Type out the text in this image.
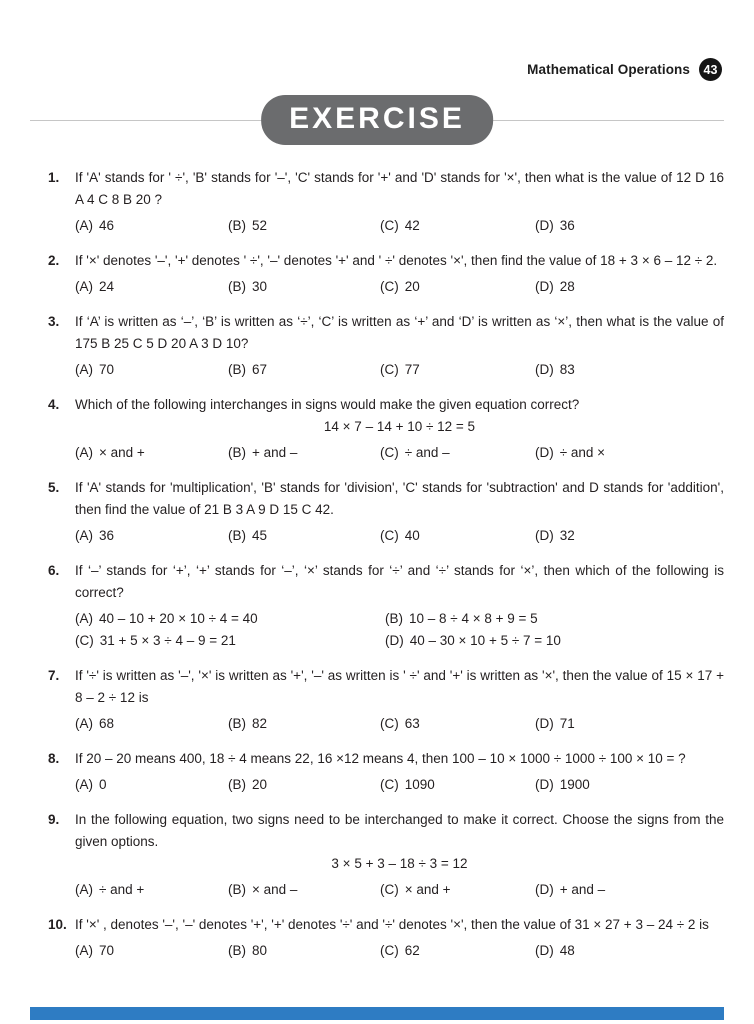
Mathematical Operations	43
EXERCISE
1.	If 'A' stands for ' ÷', 'B' stands for '–', 'C' stands for '+' and 'D' stands for '×', then what is the value of 12 D 16 A 4 C 8 B 20 ?
(A) 46	(B) 52	(C) 42	(D) 36
2.	If '×' denotes '–', '+' denotes ' ÷', '–' denotes '+' and ' ÷' denotes '×', then find the value of 18 + 3 × 6 – 12 ÷ 2.
(A) 24	(B) 30	(C) 20	(D) 28
3.	If ‘A’ is written as ‘–’, ‘B’ is written as ‘÷’, ‘C’ is written as ‘+’ and ‘D’ is written as ‘×’, then what is the value of 175 B 25 C 5 D 20 A 3 D 10?
(A) 70	(B) 67	(C) 77	(D) 83
4.	Which of the following interchanges in signs would make the given equation correct?
14 × 7 – 14 + 10 ÷ 12 = 5
(A) × and +	(B) + and –	(C) ÷ and –	(D) ÷ and ×
5.	If 'A' stands for 'multiplication', 'B' stands for 'division', 'C' stands for 'subtraction' and D stands for 'addition', then find the value of 21 B 3 A 9 D 15 C 42.
(A) 36	(B) 45	(C) 40	(D) 32
6.	If ‘–’ stands for ‘+’, ‘+’ stands for ‘–’, ‘×’ stands for ‘÷’ and ‘÷’ stands for ‘×’, then which of the following is correct?
(A) 40 – 10 + 20 × 10 ÷ 4 = 40	(B) 10 – 8 ÷ 4 × 8 + 9 = 5
(C) 31 + 5 × 3 ÷ 4 – 9 = 21	(D) 40 – 30 × 10 + 5 ÷ 7 = 10
7.	If '÷' is written as '–', '×' is written as '+', '–' as written is ' ÷' and '+' is written as '×', then the value of 15 × 17 + 8 – 2 ÷ 12 is
(A) 68	(B) 82	(C) 63	(D) 71
8.	If 20 – 20 means 400, 18 ÷ 4 means 22, 16 ×12 means 4, then 100 – 10 × 1000 ÷ 1000 ÷ 100 × 10 = ?
(A) 0	(B) 20	(C) 1090	(D) 1900
9.	In the following equation, two signs need to be interchanged to make it correct. Choose the signs from the given options.
3 × 5 + 3 – 18 ÷ 3 = 12
(A) ÷ and +	(B) × and –	(C) × and +	(D) + and –
10. If '×' , denotes '–', '–' denotes '+', '+' denotes '÷' and '÷' denotes '×', then the value of 31 × 27 + 3 – 24 ÷ 2 is
(A) 70	(B) 80	(C) 62	(D) 48
